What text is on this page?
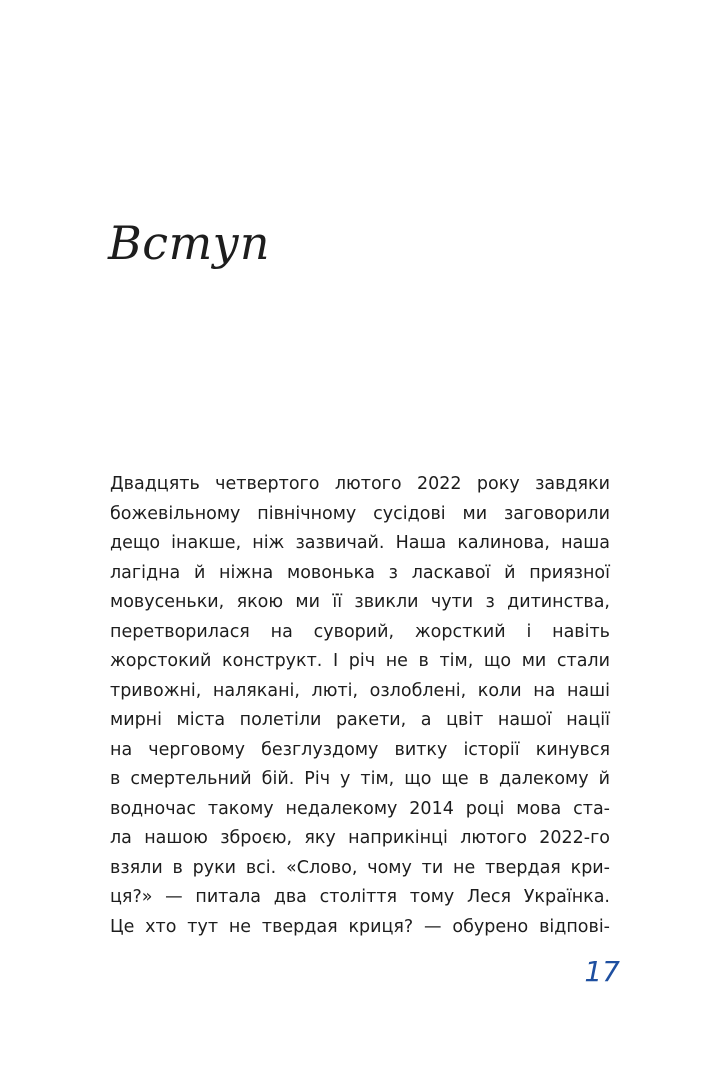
Вступ
Двадцять четвертого лютого 2022 року завдяки
божевільному північному сусідові ми заговорили
дещо інакше, ніж зазвичай. Наша калинова, наша
лагідна й ніжна мовонька з ласкавої й приязної
мовусеньки, якою ми її звикли чути з дитинства,
перетворилася на суворий, жорсткий і навіть
жорстокий конструкт. І річ не в тім, що ми стали
тривожні, налякані, люті, озлоблені, коли на наші
мирні міста полетіли ракети, а цвіт нашої нації
на черговому безглуздому витку історії кинувся
в смертельний бій. Річ у тім, що ще в далекому й
водночас такому недалекому 2014 році мова ста-
ла нашою зброєю, яку наприкінці лютого 2022-го
взяли в руки всі. «Слово, чому ти не твердая кри-
ця?» — питала два століття тому Леся Українка.
Це хто тут не твердая криця? — обурено відпові-
17
